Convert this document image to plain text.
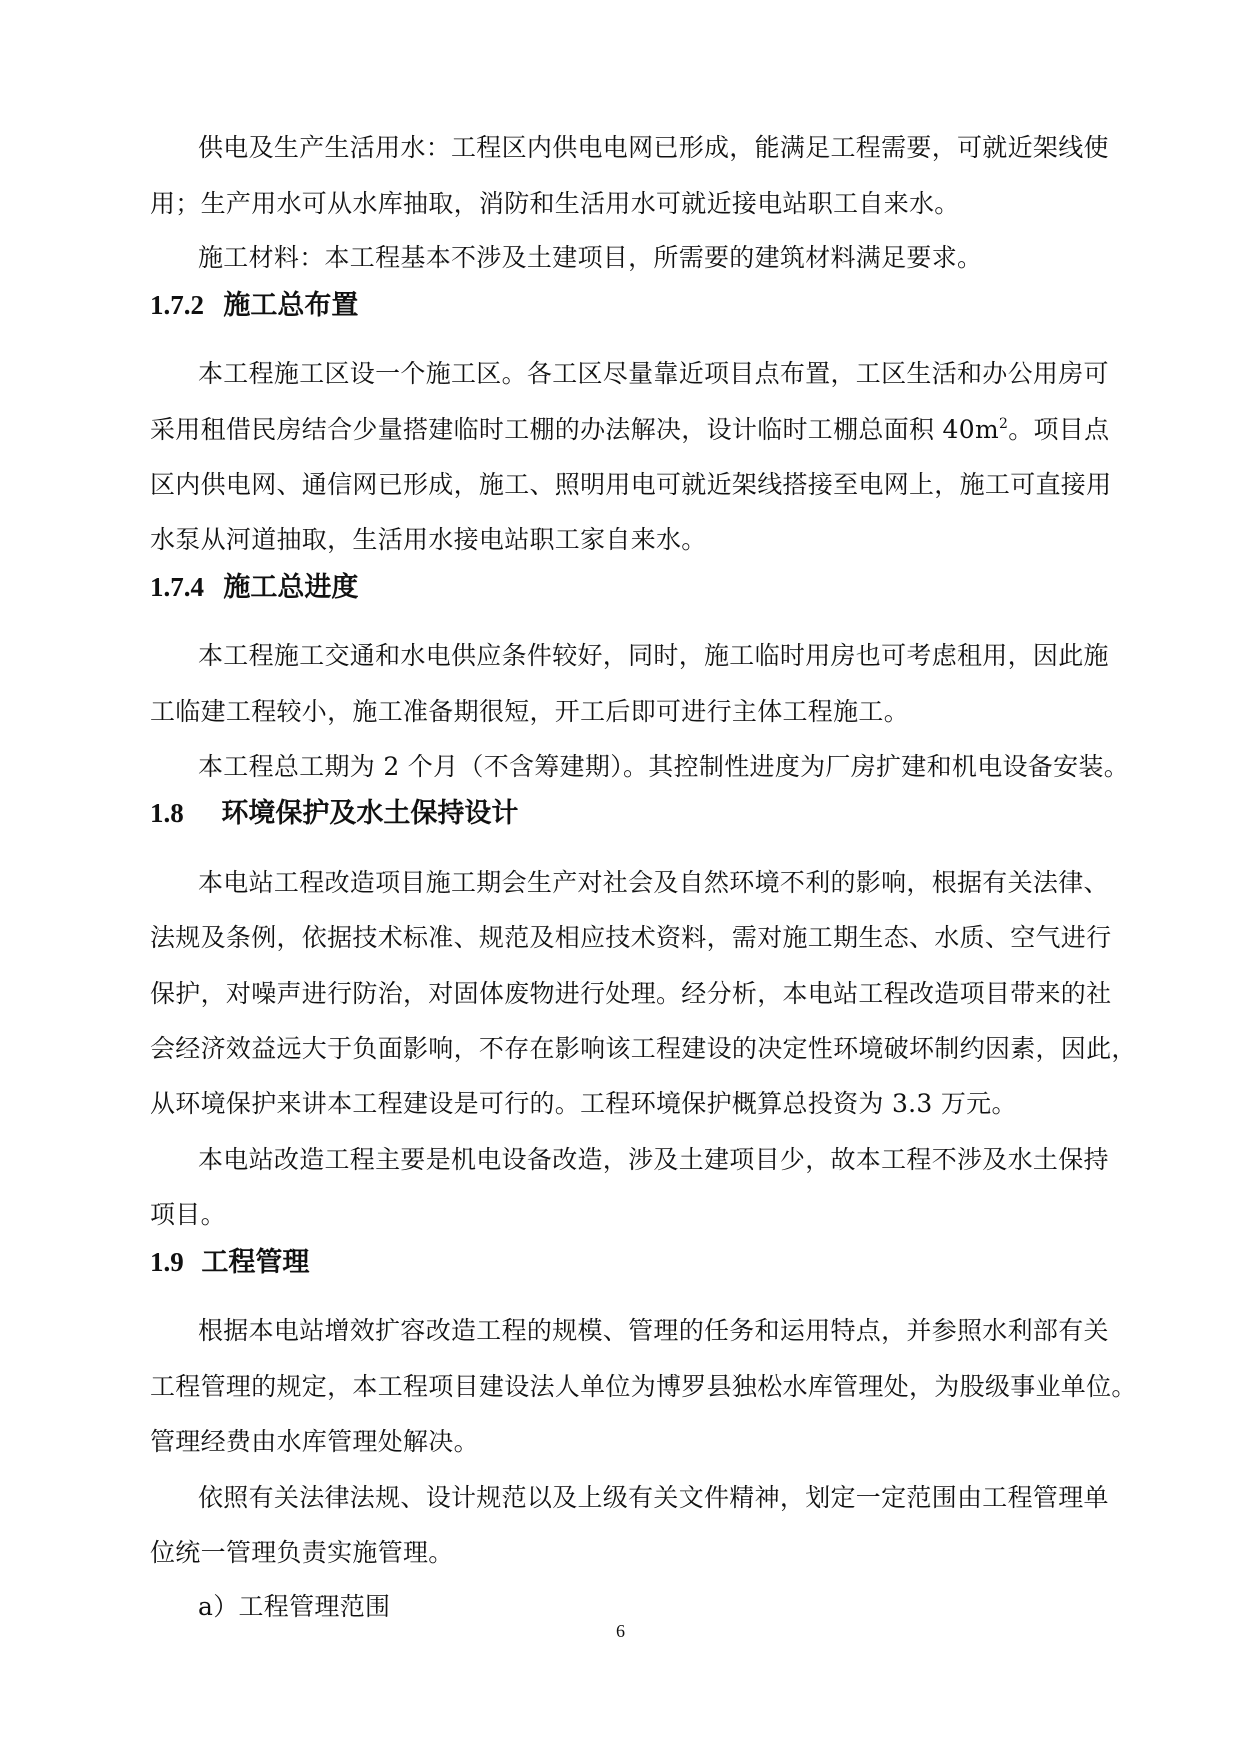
供电及生产生活用水：工程区内供电电网已形成，能满足工程需要，可就近架线使
用；生产用水可从水库抽取，消防和生活用水可就近接电站职工自来水。
施工材料：本工程基本不涉及土建项目，所需要的建筑材料满足要求。
1.7.2 施工总布置
本工程施工区设一个施工区。各工区尽量靠近项目点布置，工区生活和办公用房可
采用租借民房结合少量搭建临时工棚的办法解决，设计临时工棚总面积 $40m^2$。项目点
区内供电网、通信网已形成，施工、照明用电可就近架线搭接至电网上，施工可直接用
水泵从河道抽取，生活用水接电站职工家自来水。
1.7.4 施工总进度
本工程施工交通和水电供应条件较好，同时，施工临时用房也可考虑租用，因此施
工临建工程较小，施工准备期很短，开工后即可进行主体工程施工。
本工程总工期为 2 个月（不含筹建期）。其控制性进度为厂房扩建和机电设备安装。
1.8 环境保护及水土保持设计
本电站工程改造项目施工期会生产对社会及自然环境不利的影响，根据有关法律、
法规及条例，依据技术标准、规范及相应技术资料，需对施工期生态、水质、空气进行
保护，对噪声进行防治，对固体废物进行处理。经分析，本电站工程改造项目带来的社
会经济效益远大于负面影响，不存在影响该工程建设的决定性环境破坏制约因素，因此，
从环境保护来讲本工程建设是可行的。工程环境保护概算总投资为 3.3 万元。
本电站改造工程主要是机电设备改造，涉及土建项目少，故本工程不涉及水土保持
项目。
1.9 工程管理
根据本电站增效扩容改造工程的规模、管理的任务和运用特点，并参照水利部有关
工程管理的规定，本工程项目建设法人单位为博罗县独松水库管理处，为股级事业单位。
管理经费由水库管理处解决。
依照有关法律法规、设计规范以及上级有关文件精神，划定一定范围由工程管理单
位统一管理负责实施管理。
a）工程管理范围
6
